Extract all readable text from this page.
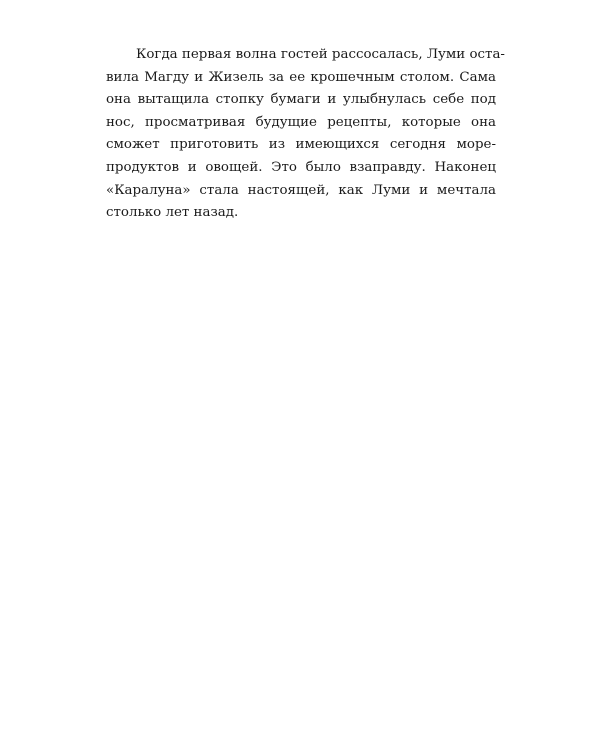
Когда первая волна гостей рассосалась, Луми оста-
вила Магду и Жизель за ее крошечным столом. Сама
она вытащила стопку бумаги и улыбнулась себе под
нос, просматривая будущие рецепты, которые она
сможет приготовить из имеющихся сегодня море-
продуктов и овощей. Это было взаправду. Наконец
«Каралуна» стала настоящей, как Луми и мечтала
столько лет назад.
